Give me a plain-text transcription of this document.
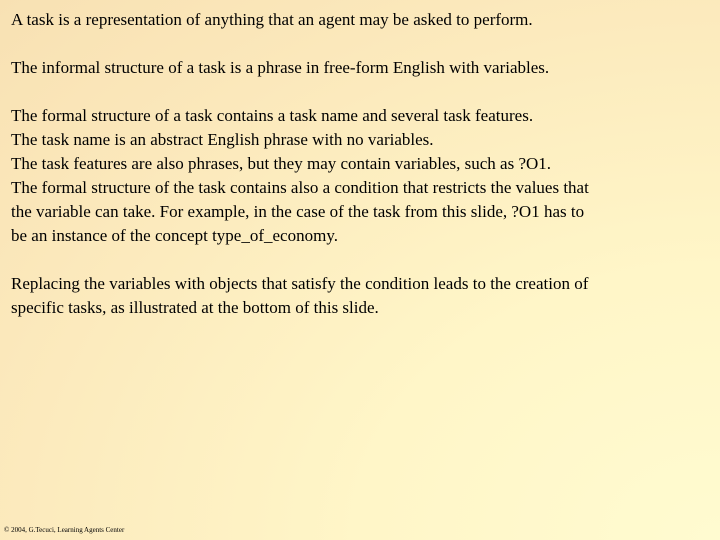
A task is a representation of anything that an agent may be asked to perform.

The informal structure of a task is a phrase in free-form English with variables.

The formal structure of a task contains a task name and several task features.
The task name is an abstract English phrase with no variables.
The task features are also phrases, but they may contain variables, such as ?O1.
The formal structure of the task contains also a condition that restricts the values that
the variable can take. For example, in the case of the task from this slide, ?O1 has to
be an instance of the concept type_of_economy.

Replacing the variables with objects that satisfy the condition leads to the creation of
specific tasks, as illustrated at the bottom of this slide.

© 2004, G.Tecuci, Learning Agents Center
